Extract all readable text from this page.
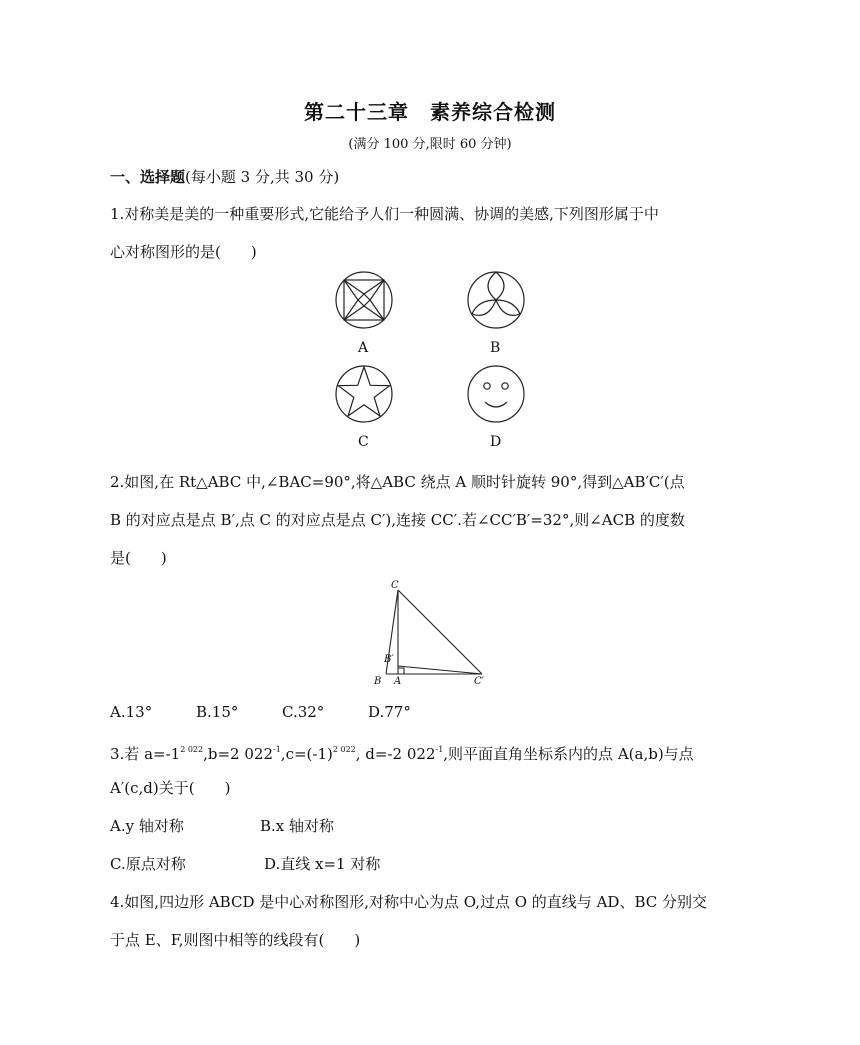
第二十三章　素养综合检测
(满分 100 分,限时 60 分钟)
一、选择题(每小题 3 分,共 30 分)
1.对称美是美的一种重要形式,它能给予人们一种圆满、协调的美感,下列图形属于中
心对称图形的是(　　)
A	B
C	D
2.如图,在 Rt△ABC 中,∠BAC=90°,将△ABC 绕点 A 顺时针旋转 90°,得到△AB′C′(点
B 的对应点是点 B′,点 C 的对应点是点 C′),连接 CC′.若∠CC′B′=32°,则∠ACB 的度数
是(　　)
C
B′
B A	C′
A.13°	B.15°	C.32°	D.77°
3.若 $a=-1^{2 022},b=2$ $022^{-1},c=(-1)^{2 022}$, d=-2 $022^{-1}$,则平面直角坐标系内的点 A(a,b)与点
A′(c,d)关于(　　)
A.y 轴对称	B.x 轴对称
C.原点对称	D.直线 x=1 对称
4.如图,四边形 ABCD 是中心对称图形,对称中心为点 O,过点 O 的直线与 AD、BC 分别交
于点 E、F,则图中相等的线段有(　　)
